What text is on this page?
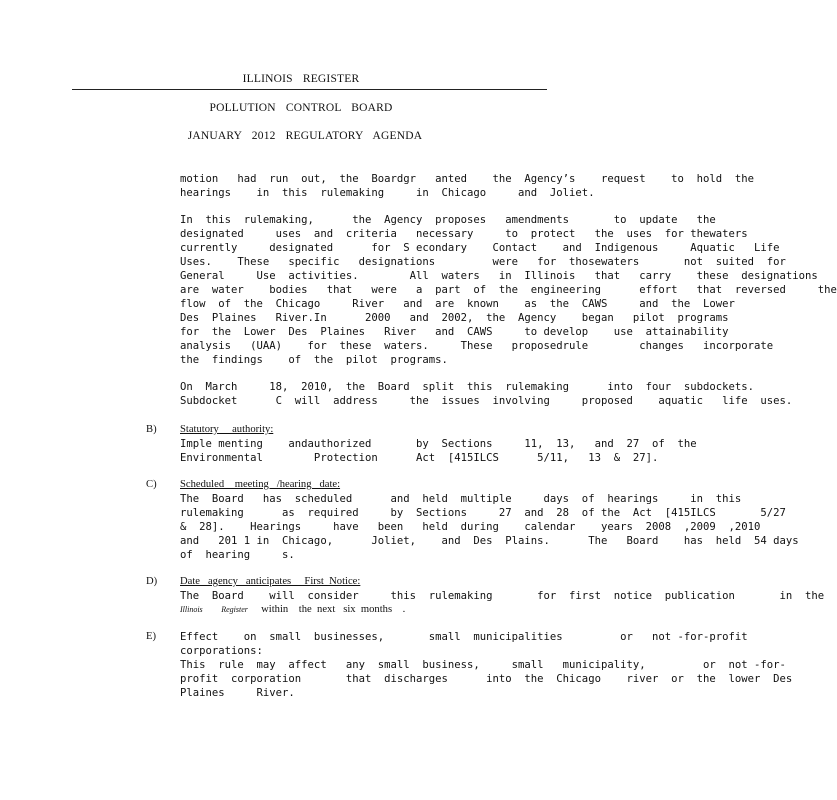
ILLINOIS REGISTER
POLLUTION CONTROL BOARD
JANUARY 2012 REGULATORY AGENDA
motion   had  run  out,  the  Boardgr   anted    the  Agency’s    request    to  hold  the
hearings    in  this  rulemaking     in  Chicago     and  Joliet.
In  this  rulemaking,      the  Agency  proposes   amendments       to  update   the
designated     uses  and  criteria   necessary     to  protect   the  uses  for thewaters
currently     designated      for  S econdary    Contact    and  Indigenous     Aquatic   Life
Uses.    These   specific   designations         were   for  thosewaters       not  suited  for
General     Use  activities.        All  waters   in  Illinois   that   carry    these  designations
are  water    bodies   that   were   a  part  of  the  engineering      effort   that  reversed     the
flow  of  the  Chicago     River   and  are  known    as  the  CAWS     and  the  Lower
Des  Plaines   River.In      2000   and  2002,  the  Agency    began   pilot  programs
for  the  Lower  Des  Plaines   River   and  CAWS     to develop    use  attainability
analysis   (UAA)    for  these  waters.     These   proposedrule        changes   incorporate
the  findings    of  the  pilot  programs.
On  March     18,  2010,  the  Board  split  this  rulemaking      into  four  subdockets.
Subdocket      C  will  address     the  issues  involving     proposed    aquatic   life  uses.
B) Statutory     authority:
Imple menting    andauthorized       by  Sections     11,  13,   and  27  of  the
Environmental        Protection      Act  [415ILCS      5/11,   13  &  27].
C) Scheduled    meeting   /hearing   date:
The  Board   has  scheduled      and  held  multiple     days  of  hearings     in  this
rulemaking      as  required     by  Sections     27  and  28  of the  Act  [415ILCS       5/27
&  28].    Hearings     have   been   held  during    calendar    years  2008  ,2009  ,2010
and   201 1 in  Chicago,      Joliet,    and  Des  Plains.      The   Board    has  held  54 days
of  hearing     s.
D) Date   agency   anticipates     First  Notice:
The  Board    will  consider     this  rulemaking       for  first  notice  publication       in  the
Illinois Register     within    the  next   six  months    .
E) Effect    on  small  businesses,       small  municipalities         or   not -for-profit
corporations:
This  rule  may  affect   any  small  business,     small   municipality,         or  not -for-
profit  corporation       that  discharges      into  the  Chicago    river  or  the  lower  Des
Plaines     River.
